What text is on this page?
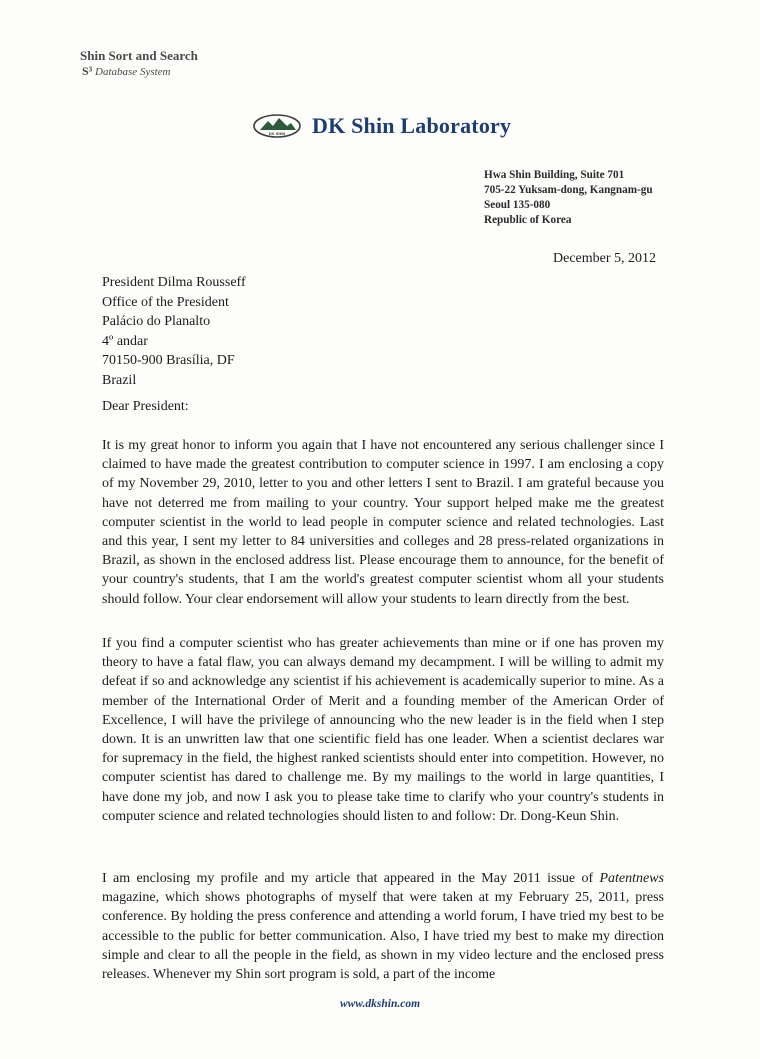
Shin Sort and Search
S³ Database System
DK SHIN DK Shin Laboratory
Hwa Shin Building, Suite 701
705-22 Yuksam-dong, Kangnam-gu
Seoul 135-080
Republic of Korea
December 5, 2012
President Dilma Rousseff
Office of the President
Palácio do Planalto
4º andar
70150-900 Brasília, DF
Brazil
Dear President:

It is my great honor to inform you again that I have not encountered any serious challenger since I claimed to have made the greatest contribution to computer science in 1997. I am enclosing a copy of my November 29, 2010, letter to you and other letters I sent to Brazil. I am grateful because you have not deterred me from mailing to your country. Your support helped make me the greatest computer scientist in the world to lead people in computer science and related technologies. Last and this year, I sent my letter to 84 universities and colleges and 28 press-related organizations in Brazil, as shown in the enclosed address list. Please encourage them to announce, for the benefit of your country's students, that I am the world's greatest computer scientist whom all your students should follow. Your clear endorsement will allow your students to learn directly from the best.

If you find a computer scientist who has greater achievements than mine or if one has proven my theory to have a fatal flaw, you can always demand my decampment. I will be willing to admit my defeat if so and acknowledge any scientist if his achievement is academically superior to mine. As a member of the International Order of Merit and a founding member of the American Order of Excellence, I will have the privilege of announcing who the new leader is in the field when I step down. It is an unwritten law that one scientific field has one leader. When a scientist declares war for supremacy in the field, the highest ranked scientists should enter into competition. However, no computer scientist has dared to challenge me. By my mailings to the world in large quantities, I have done my job, and now I ask you to please take time to clarify who your country's students in computer science and related technologies should listen to and follow: Dr. Dong-Keun Shin.

I am enclosing my profile and my article that appeared in the May 2011 issue of Patentnews magazine, which shows photographs of myself that were taken at my February 25, 2011, press conference. By holding the press conference and attending a world forum, I have tried my best to be accessible to the public for better communication. Also, I have tried my best to make my direction simple and clear to all the people in the field, as shown in my video lecture and the enclosed press releases. Whenever my Shin sort program is sold, a part of the income

www.dkshin.com
